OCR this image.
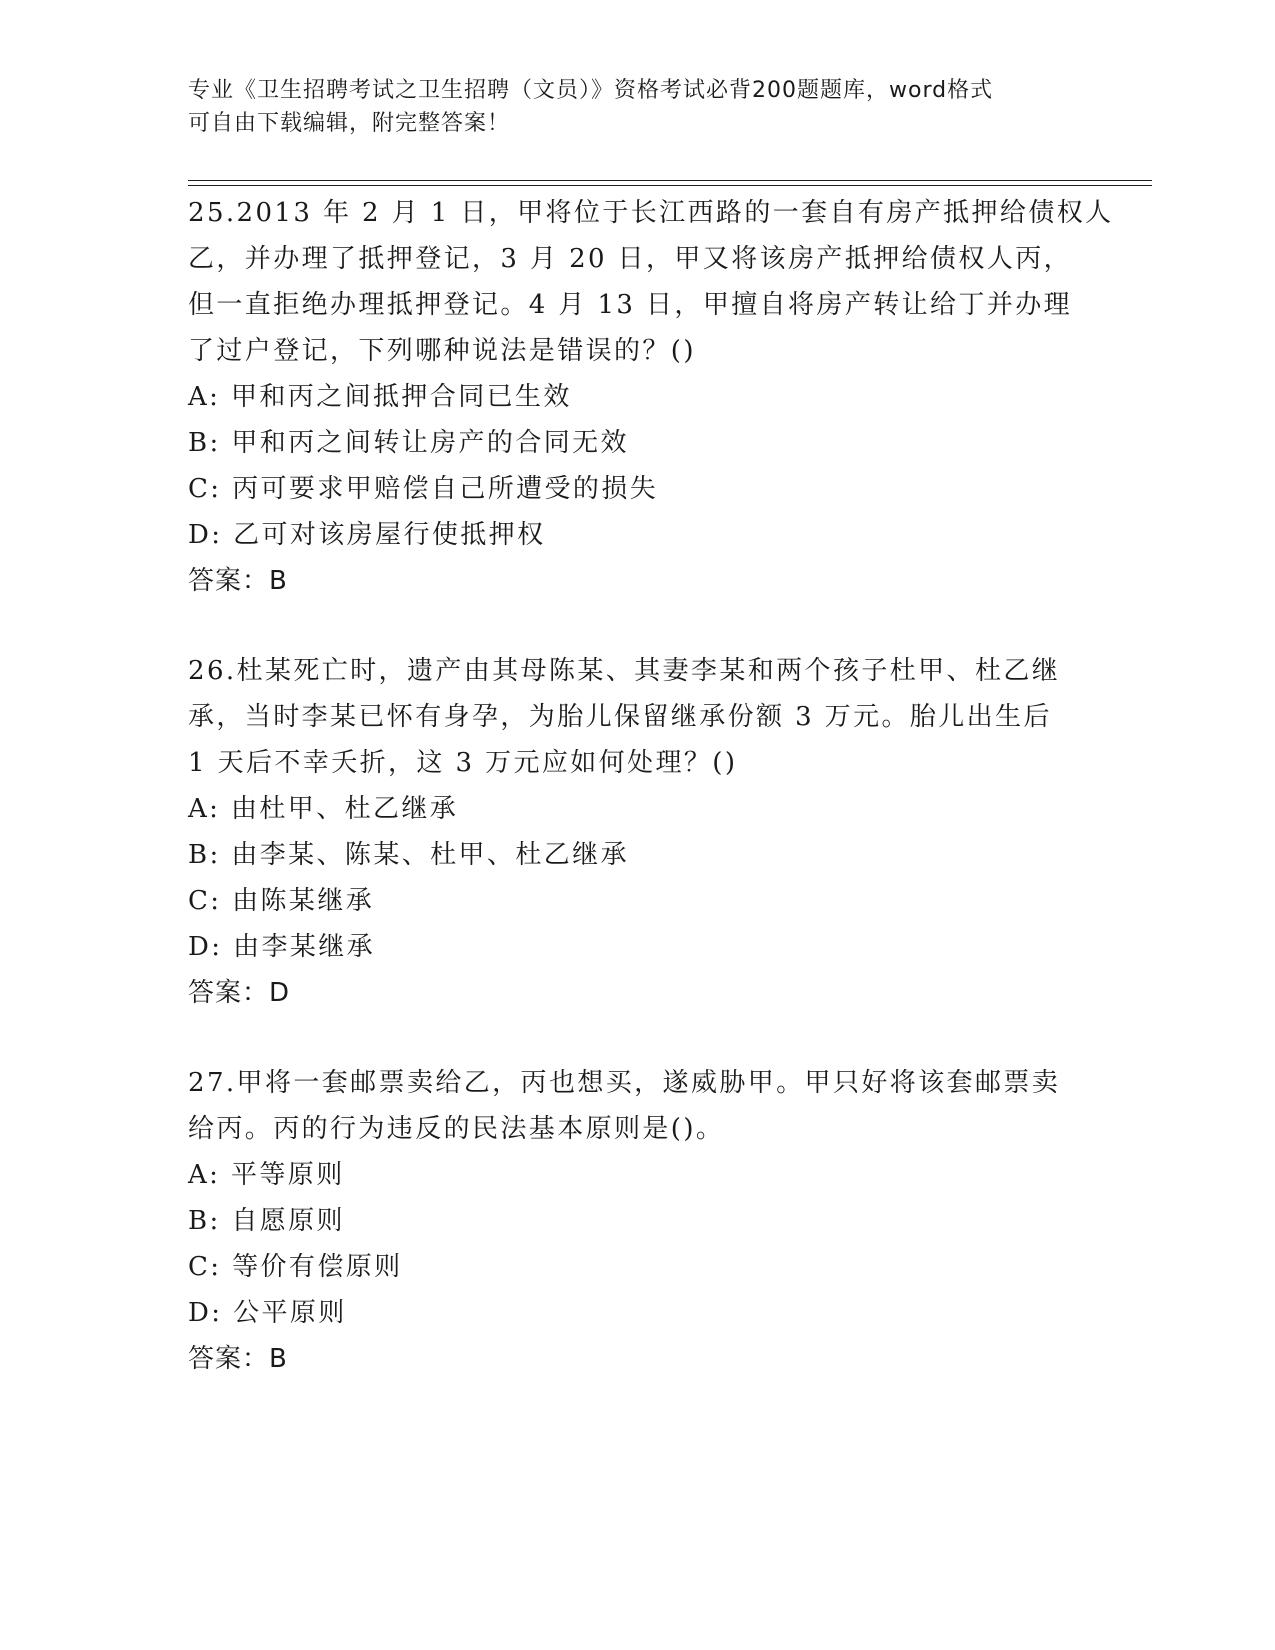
专业《卫生招聘考试之卫生招聘（文员）》资格考试必背200题题库，word格式
可自由下载编辑，附完整答案！
25.2013 年 2 月 1 日，甲将位于长江西路的一套自有房产抵押给债权人
乙，并办理了抵押登记，3 月 20 日，甲又将该房产抵押给债权人丙，
但一直拒绝办理抵押登记。4 月 13 日，甲擅自将房产转让给丁并办理
了过户登记，下列哪种说法是错误的？()
A: 甲和丙之间抵押合同已生效
B: 甲和丙之间转让房产的合同无效
C: 丙可要求甲赔偿自己所遭受的损失
D: 乙可对该房屋行使抵押权
答案：B
26.杜某死亡时，遗产由其母陈某、其妻李某和两个孩子杜甲、杜乙继
承，当时李某已怀有身孕，为胎儿保留继承份额 3 万元。胎儿出生后
1 天后不幸夭折，这 3 万元应如何处理？()
A: 由杜甲、杜乙继承
B: 由李某、陈某、杜甲、杜乙继承
C: 由陈某继承
D: 由李某继承
答案：D
27.甲将一套邮票卖给乙，丙也想买，遂威胁甲。甲只好将该套邮票卖
给丙。丙的行为违反的民法基本原则是()。
A: 平等原则
B: 自愿原则
C: 等价有偿原则
D: 公平原则
答案：B
